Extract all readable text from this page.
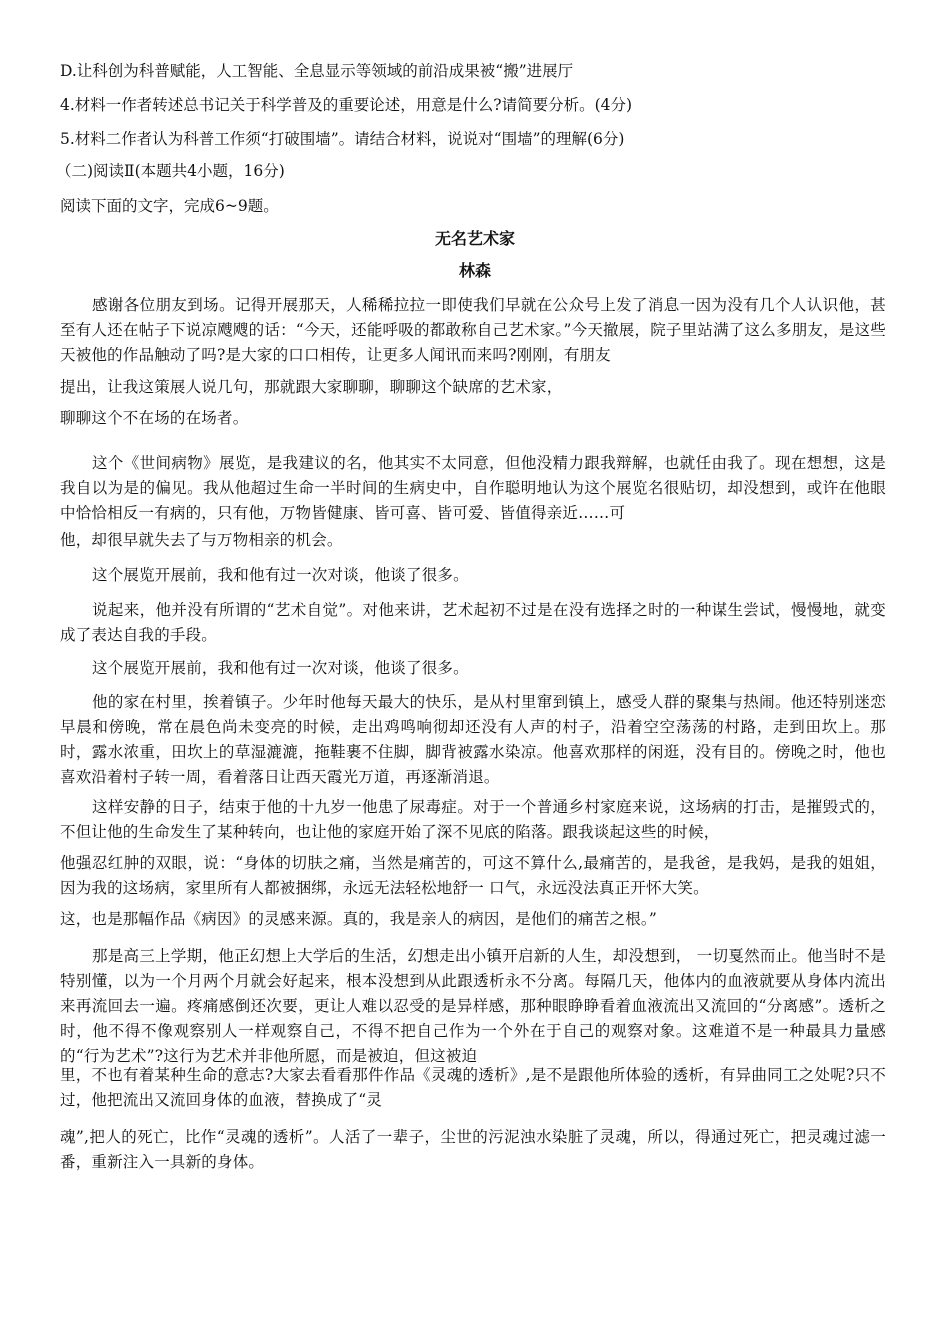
D.让科创为科普赋能，人工智能、全息显示等领域的前沿成果被“搬”进展厅
4.材料一作者转述总书记关于科学普及的重要论述，用意是什么?请简要分析。(4分)
5.材料二作者认为科普工作须“打破围墙”。请结合材料，说说对“围墙”的理解(6分)
（二)阅读Ⅱ(本题共4小题，16分)
阅读下面的文字，完成6~9题。
无名艺术家
林森
感谢各位朋友到场。记得开展那天，人稀稀拉拉一即使我们早就在公众号上发了消息一因为没有几个人认识他，甚至有人还在帖子下说凉飕飕的话：“今天，还能呼吸的都敢称自己艺术家。”今天撤展，院子里站满了这么多朋友，是这些天被他的作品触动了吗?是大家的口口相传，让更多人闻讯而来吗?刚刚，有朋友
提出，让我这策展人说几句，那就跟大家聊聊，聊聊这个缺席的艺术家，
聊聊这个不在场的在场者。
这个《世间病物》展览，是我建议的名，他其实不太同意，但他没精力跟我辩解，也就任由我了。现在想想，这是我自以为是的偏见。我从他超过生命一半时间的生病史中，自作聪明地认为这个展览名很贴切，却没想到，或许在他眼中恰恰相反一有病的，只有他，万物皆健康、皆可喜、皆可爱、皆值得亲近……可
他，却很早就失去了与万物相亲的机会。
这个展览开展前，我和他有过一次对谈，他谈了很多。
说起来，他并没有所谓的“艺术自觉”。对他来讲，艺术起初不过是在没有选择之时的一种谋生尝试，慢慢地，就变成了表达自我的手段。
这个展览开展前，我和他有过一次对谈，他谈了很多。
他的家在村里，挨着镇子。少年时他每天最大的快乐，是从村里窜到镇上，感受人群的聚集与热闹。他还特别迷恋早晨和傍晚，常在晨色尚未变亮的时候，走出鸡鸣响彻却还没有人声的村子，沿着空空荡荡的村路，走到田坎上。那时，露水浓重，田坎上的草湿漉漉，拖鞋裹不住脚，脚背被露水染凉。他喜欢那样的闲逛，没有目的。傍晚之时，他也喜欢沿着村子转一周，看着落日让西天霞光万道，再逐渐消退。
这样安静的日子，结束于他的十九岁一他患了尿毒症。对于一个普通乡村家庭来说，这场病的打击，是摧毁式的，不但让他的生命发生了某种转向，也让他的家庭开始了深不见底的陷落。跟我谈起这些的时候，
他强忍红肿的双眼，说：“身体的切肤之痛，当然是痛苦的，可这不算什么,最痛苦的，是我爸，是我妈，是我的姐姐，因为我的这场病，家里所有人都被捆绑，永远无法轻松地舒一 口气，永远没法真正开怀大笑。
这，也是那幅作品《病因》的灵感来源。真的，我是亲人的病因，是他们的痛苦之根。”
那是高三上学期，他正幻想上大学后的生活，幻想走出小镇开启新的人生，却没想到， 一切戛然而止。他当时不是特别懂，以为一个月两个月就会好起来，根本没想到从此跟透析永不分离。每隔几天，他体内的血液就要从身体内流出来再流回去一遍。疼痛感倒还次要，更让人难以忍受的是异样感，那种眼睁睁看着血液流出又流回的“分离感”。透析之时，他不得不像观察别人一样观察自己，不得不把自己作为一个外在于自己的观察对象。这难道不是一种最具力量感的“行为艺术”?这行为艺术并非他所愿，而是被迫，但这被迫
里，不也有着某种生命的意志?大家去看看那件作品《灵魂的透析》,是不是跟他所体验的透析，有异曲同工之处呢?只不过，他把流出又流回身体的血液，替换成了“灵
魂”,把人的死亡，比作“灵魂的透析”。人活了一辈子，尘世的污泥浊水染脏了灵魂，所以，得通过死亡，把灵魂过滤一番，重新注入一具新的身体。
